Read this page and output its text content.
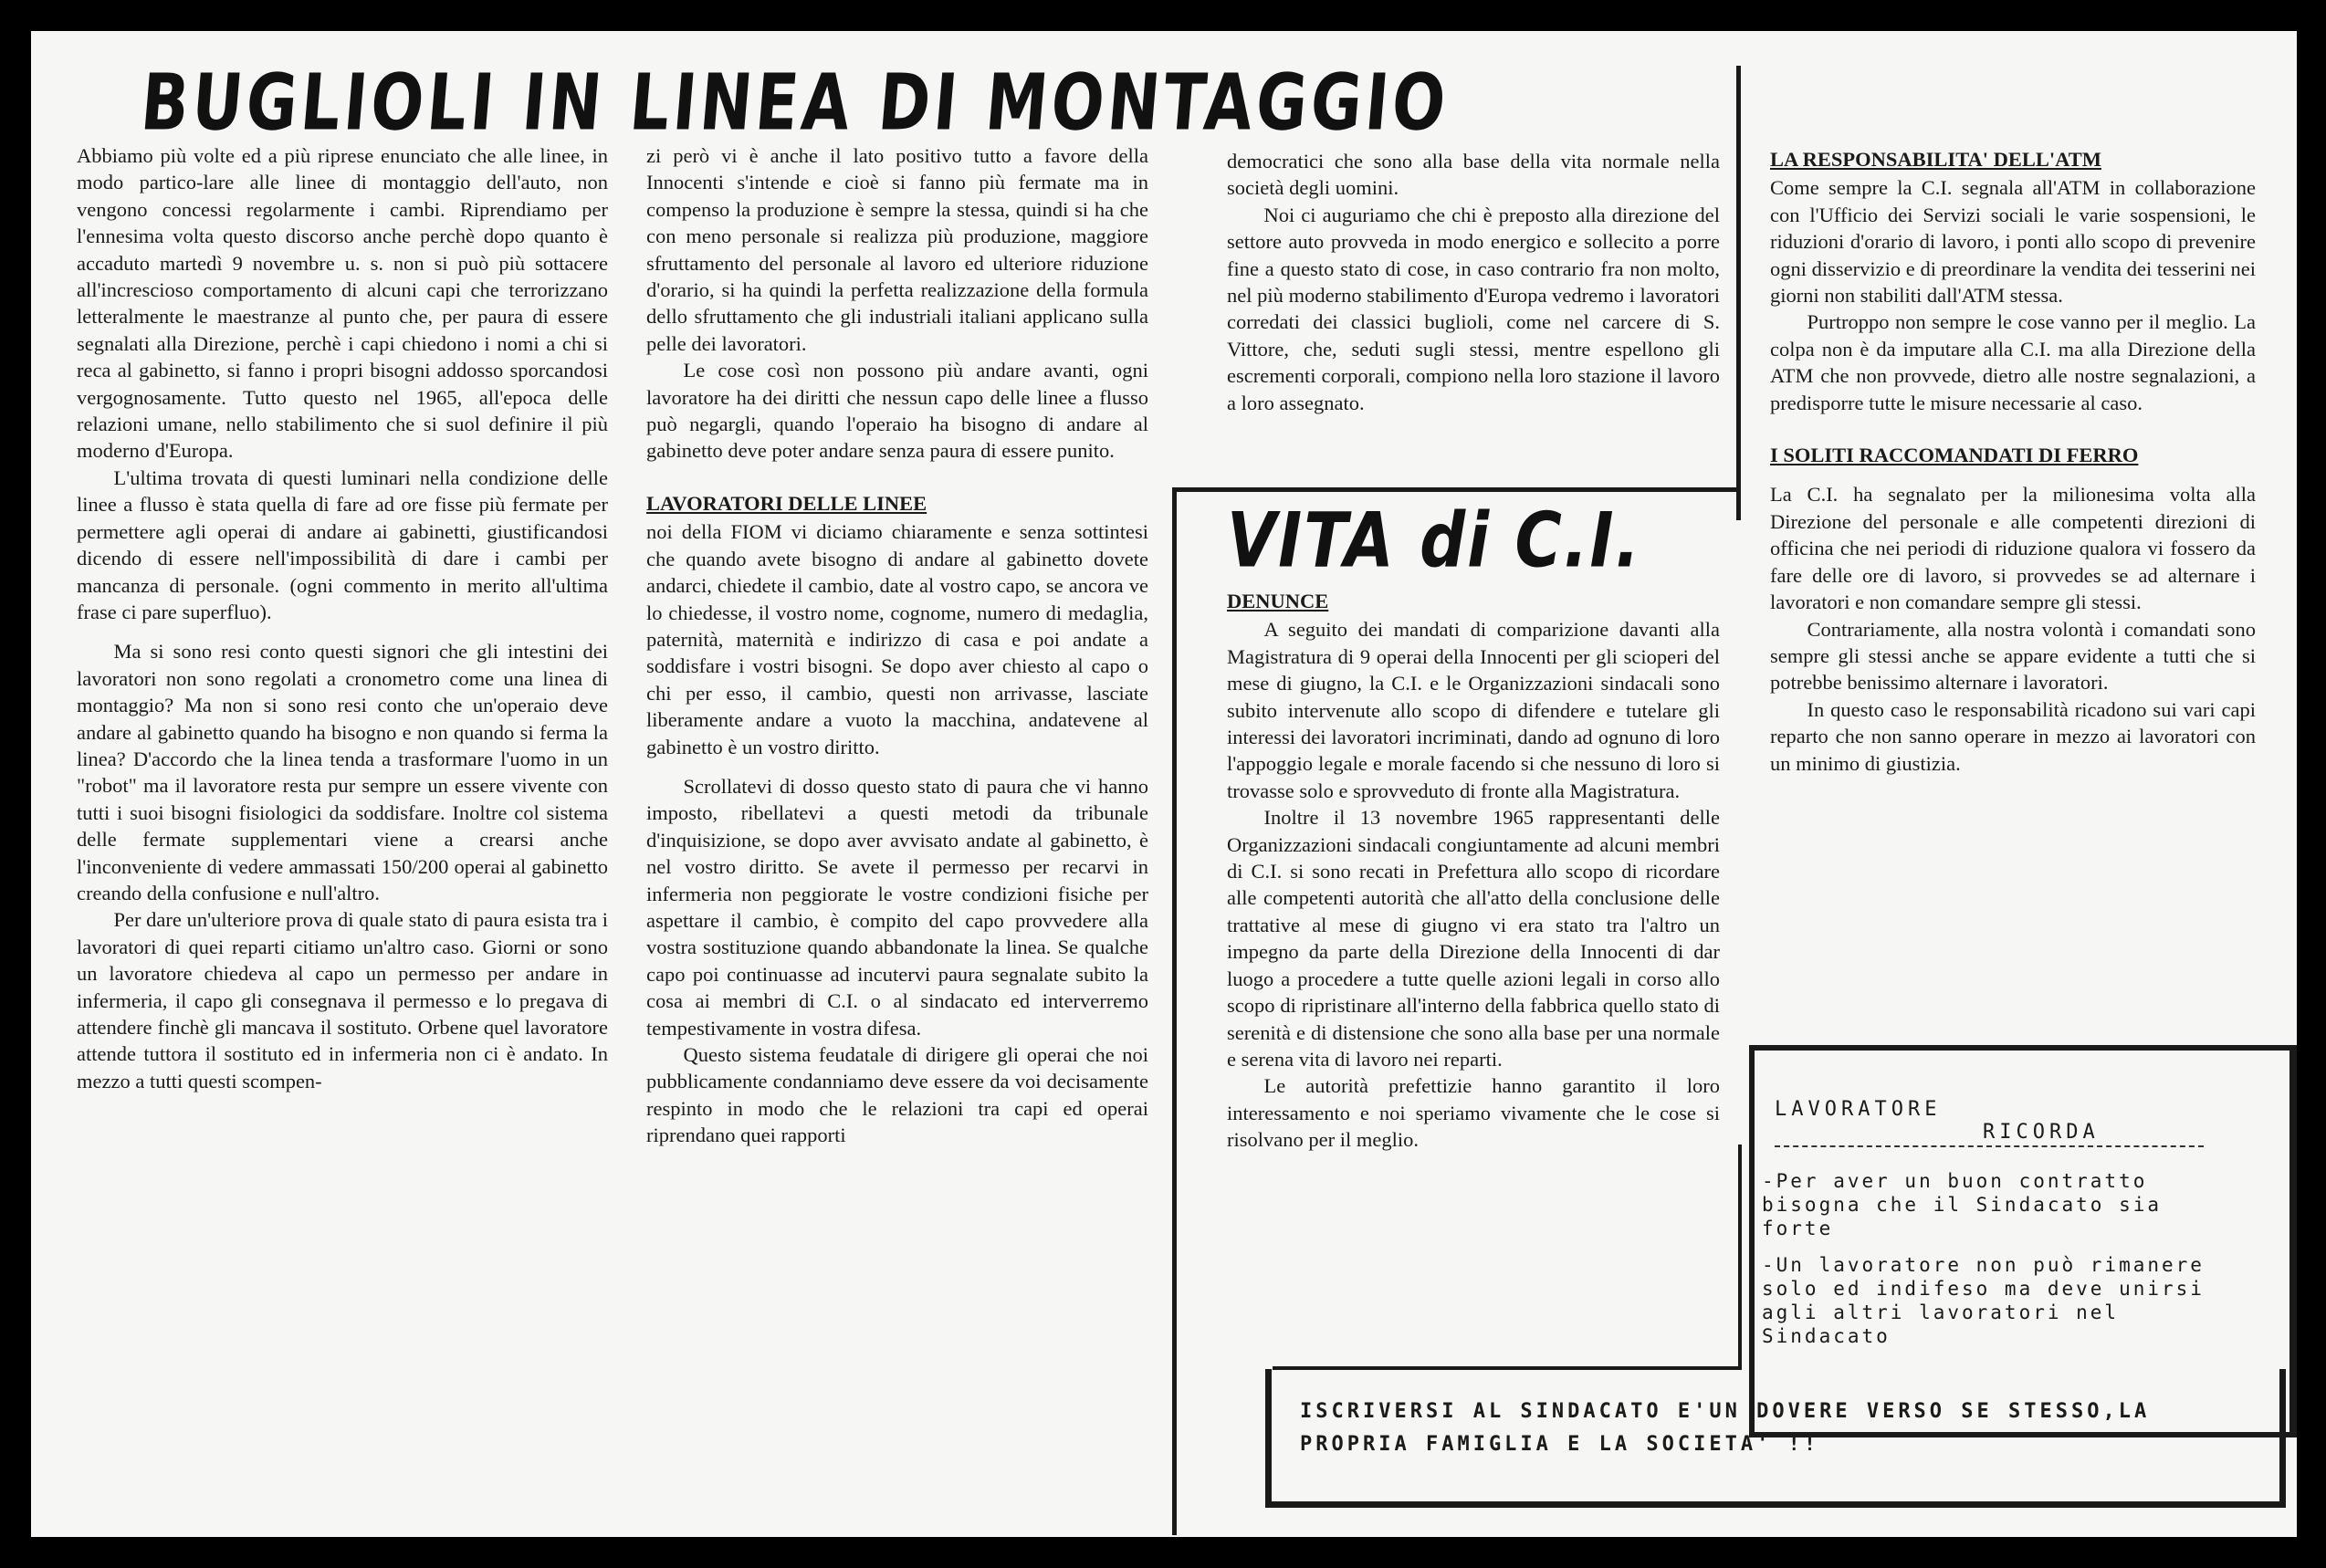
BUGLIOLI IN LINEA DI MONTAGGIO

Abbiamo più volte ed a più riprese enunciato che alle linee, in modo partico-lare alle linee di montaggio dell'auto, non vengono concessi regolarmente i cambi. Riprendiamo per l'ennesima volta questo discorso anche perchè dopo quanto è accaduto martedì 9 novembre u. s. non si può più sottacere all'increscioso comportamento di alcuni capi che terrorizzano letteralmente le maestranze al punto che, per paura di essere segnalati alla Direzione, perchè i capi chiedono i nomi a chi si reca al gabinetto, si fanno i propri bisogni addosso sporcandosi vergognosamente. Tutto questo nel 1965, all'epoca delle relazioni umane, nello stabilimento che si suol definire il più moderno d'Europa.

L'ultima trovata di questi luminari nella condizione delle linee a flusso è stata quella di fare ad ore fisse più fermate per permettere agli operai di andare ai gabinetti, giustificandosi dicendo di essere nell'impossibilità di dare i cambi per mancanza di personale. (ogni commento in merito all'ultima frase ci pare superfluo).

Ma si sono resi conto questi signori che gli intestini dei lavoratori non sono regolati a cronometro come una linea di montaggio? Ma non si sono resi conto che un'operaio deve andare al gabinetto quando ha bisogno e non quando si ferma la linea? D'accordo che la linea tenda a trasformare l'uomo in un "robot" ma il lavoratore resta pur sempre un essere vivente con tutti i suoi bisogni fisiologici da soddisfare. Inoltre col sistema delle fermate supplementari viene a crearsi anche l'inconveniente di vedere ammassati 150/200 operai al gabinetto creando della confusione e null'altro.

Per dare un'ulteriore prova di quale stato di paura esista tra i lavoratori di quei reparti citiamo un'altro caso. Giorni or sono un lavoratore chiedeva al capo un permesso per andare in infermeria, il capo gli consegnava il permesso e lo pregava di attendere finchè gli mancava il sostituto. Orbene quel lavoratore attende tuttora il sostituto ed in infermeria non ci è andato. In mezzo a tutti questi scompen-

zi però vi è anche il lato positivo tutto a favore della Innocenti s'intende e cioè si fanno più fermate ma in compenso la produzione è sempre la stessa, quindi si ha che con meno personale si realizza più produzione, maggiore sfruttamento del personale al lavoro ed ulteriore riduzione d'orario, si ha quindi la perfetta realizzazione della formula dello sfruttamento che gli industriali italiani applicano sulla pelle dei lavoratori.

Le cose così non possono più andare avanti, ogni lavoratore ha dei diritti che nessun capo delle linee a flusso può negargli, quando l'operaio ha bisogno di andare al gabinetto deve poter andare senza paura di essere punito.

LAVORATORI DELLE LINEE

noi della FIOM vi diciamo chiaramente e senza sottintesi che quando avete bisogno di andare al gabinetto dovete andarci, chiedete il cambio, date al vostro capo, se ancora ve lo chiedesse, il vostro nome, cognome, numero di medaglia, paternità, maternità e indirizzo di casa e poi andate a soddisfare i vostri bisogni. Se dopo aver chiesto al capo o chi per esso, il cambio, questi non arrivasse, lasciate liberamente andare a vuoto la macchina, andatevene al gabinetto è un vostro diritto.

Scrollatevi di dosso questo stato di paura che vi hanno imposto, ribellatevi a questi metodi da tribunale d'inquisizione, se dopo aver avvisato andate al gabinetto, è nel vostro diritto. Se avete il permesso per recarvi in infermeria non peggiorate le vostre condizioni fisiche per aspettare il cambio, è compito del capo provvedere alla vostra sostituzione quando abbandonate la linea. Se qualche capo poi continuasse ad incutervi paura segnalate subito la cosa ai membri di C.I. o al sindacato ed interverremo tempestivamente in vostra difesa.

Questo sistema feudatale di dirigere gli operai che noi pubblicamente condanniamo deve essere da voi decisamente respinto in modo che le relazioni tra capi ed operai riprendano quei rapporti

democratici che sono alla base della vita normale nella società degli uomini.

Noi ci auguriamo che chi è preposto alla direzione del settore auto provveda in modo energico e sollecito a porre fine a questo stato di cose, in caso contrario fra non molto, nel più moderno stabilimento d'Europa vedremo i lavoratori corredati dei classici buglioli, come nel carcere di S. Vittore, che, seduti sugli stessi, mentre espellono gli escrementi corporali, compiono nella loro stazione il lavoro a loro assegnato.

VITA di C.I.
DENUNCE

A seguito dei mandati di comparizione davanti alla Magistratura di 9 operai della Innocenti per gli scioperi del mese di giugno, la C.I. e le Organizzazioni sindacali sono subito intervenute allo scopo di difendere e tutelare gli interessi dei lavoratori incriminati, dando ad ognuno di loro l'appoggio legale e morale facendo si che nessuno di loro si trovasse solo e sprovveduto di fronte alla Magistratura.

Inoltre il 13 novembre 1965 rappresentanti delle Organizzazioni sindacali congiuntamente ad alcuni membri di C.I. si sono recati in Prefettura allo scopo di ricordare alle competenti autorità che all'atto della conclusione delle trattative al mese di giugno vi era stato tra l'altro un impegno da parte della Direzione della Innocenti di dar luogo a procedere a tutte quelle azioni legali in corso allo scopo di ripristinare all'interno della fabbrica quello stato di serenità e di distensione che sono alla base per una normale e serena vita di lavoro nei reparti.

Le autorità prefettizie hanno garantito il loro interessamento e noi speriamo vivamente che le cose si risolvano per il meglio.

LA RESPONSABILITA' DELL'ATM

Come sempre la C.I. segnala all'ATM in collaborazione con l'Ufficio dei Servizi sociali le varie sospensioni, le riduzioni d'orario di lavoro, i ponti allo scopo di prevenire ogni disservizio e di preordinare la vendita dei tesserini nei giorni non stabiliti dall'ATM stessa.

Purtroppo non sempre le cose vanno per il meglio. La colpa non è da imputare alla C.I. ma alla Direzione della ATM che non provvede, dietro alle nostre segnalazioni, a predisporre tutte le misure necessarie al caso.

I SOLITI RACCOMANDATI DI FERRO

La C.I. ha segnalato per la milionesima volta alla Direzione del personale e alle competenti direzioni di officina che nei periodi di riduzione qualora vi fossero da fare delle ore di lavoro, si provvedes se ad alternare i lavoratori e non comandare sempre gli stessi.

Contrariamente, alla nostra volontà i comandati sono sempre gli stessi anche se appare evidente a tutti che si potrebbe benissimo alternare i lavoratori.

In questo caso le responsabilità ricadono sui vari capi reparto che non sanno operare in mezzo ai lavoratori con un minimo di giustizia.

LAVORATORE
RICORDA
-Per aver un buon contratto bisogna che il Sindacato sia forte
-Un lavoratore non può rimanere solo ed indifeso ma deve unirsi agli altri lavoratori nel Sindacato
ISCRIVERSI AL SINDACATO E'UN DOVERE VERSO SE STESSO,LA PROPRIA FAMIGLIA E LA SOCIETA' !!
